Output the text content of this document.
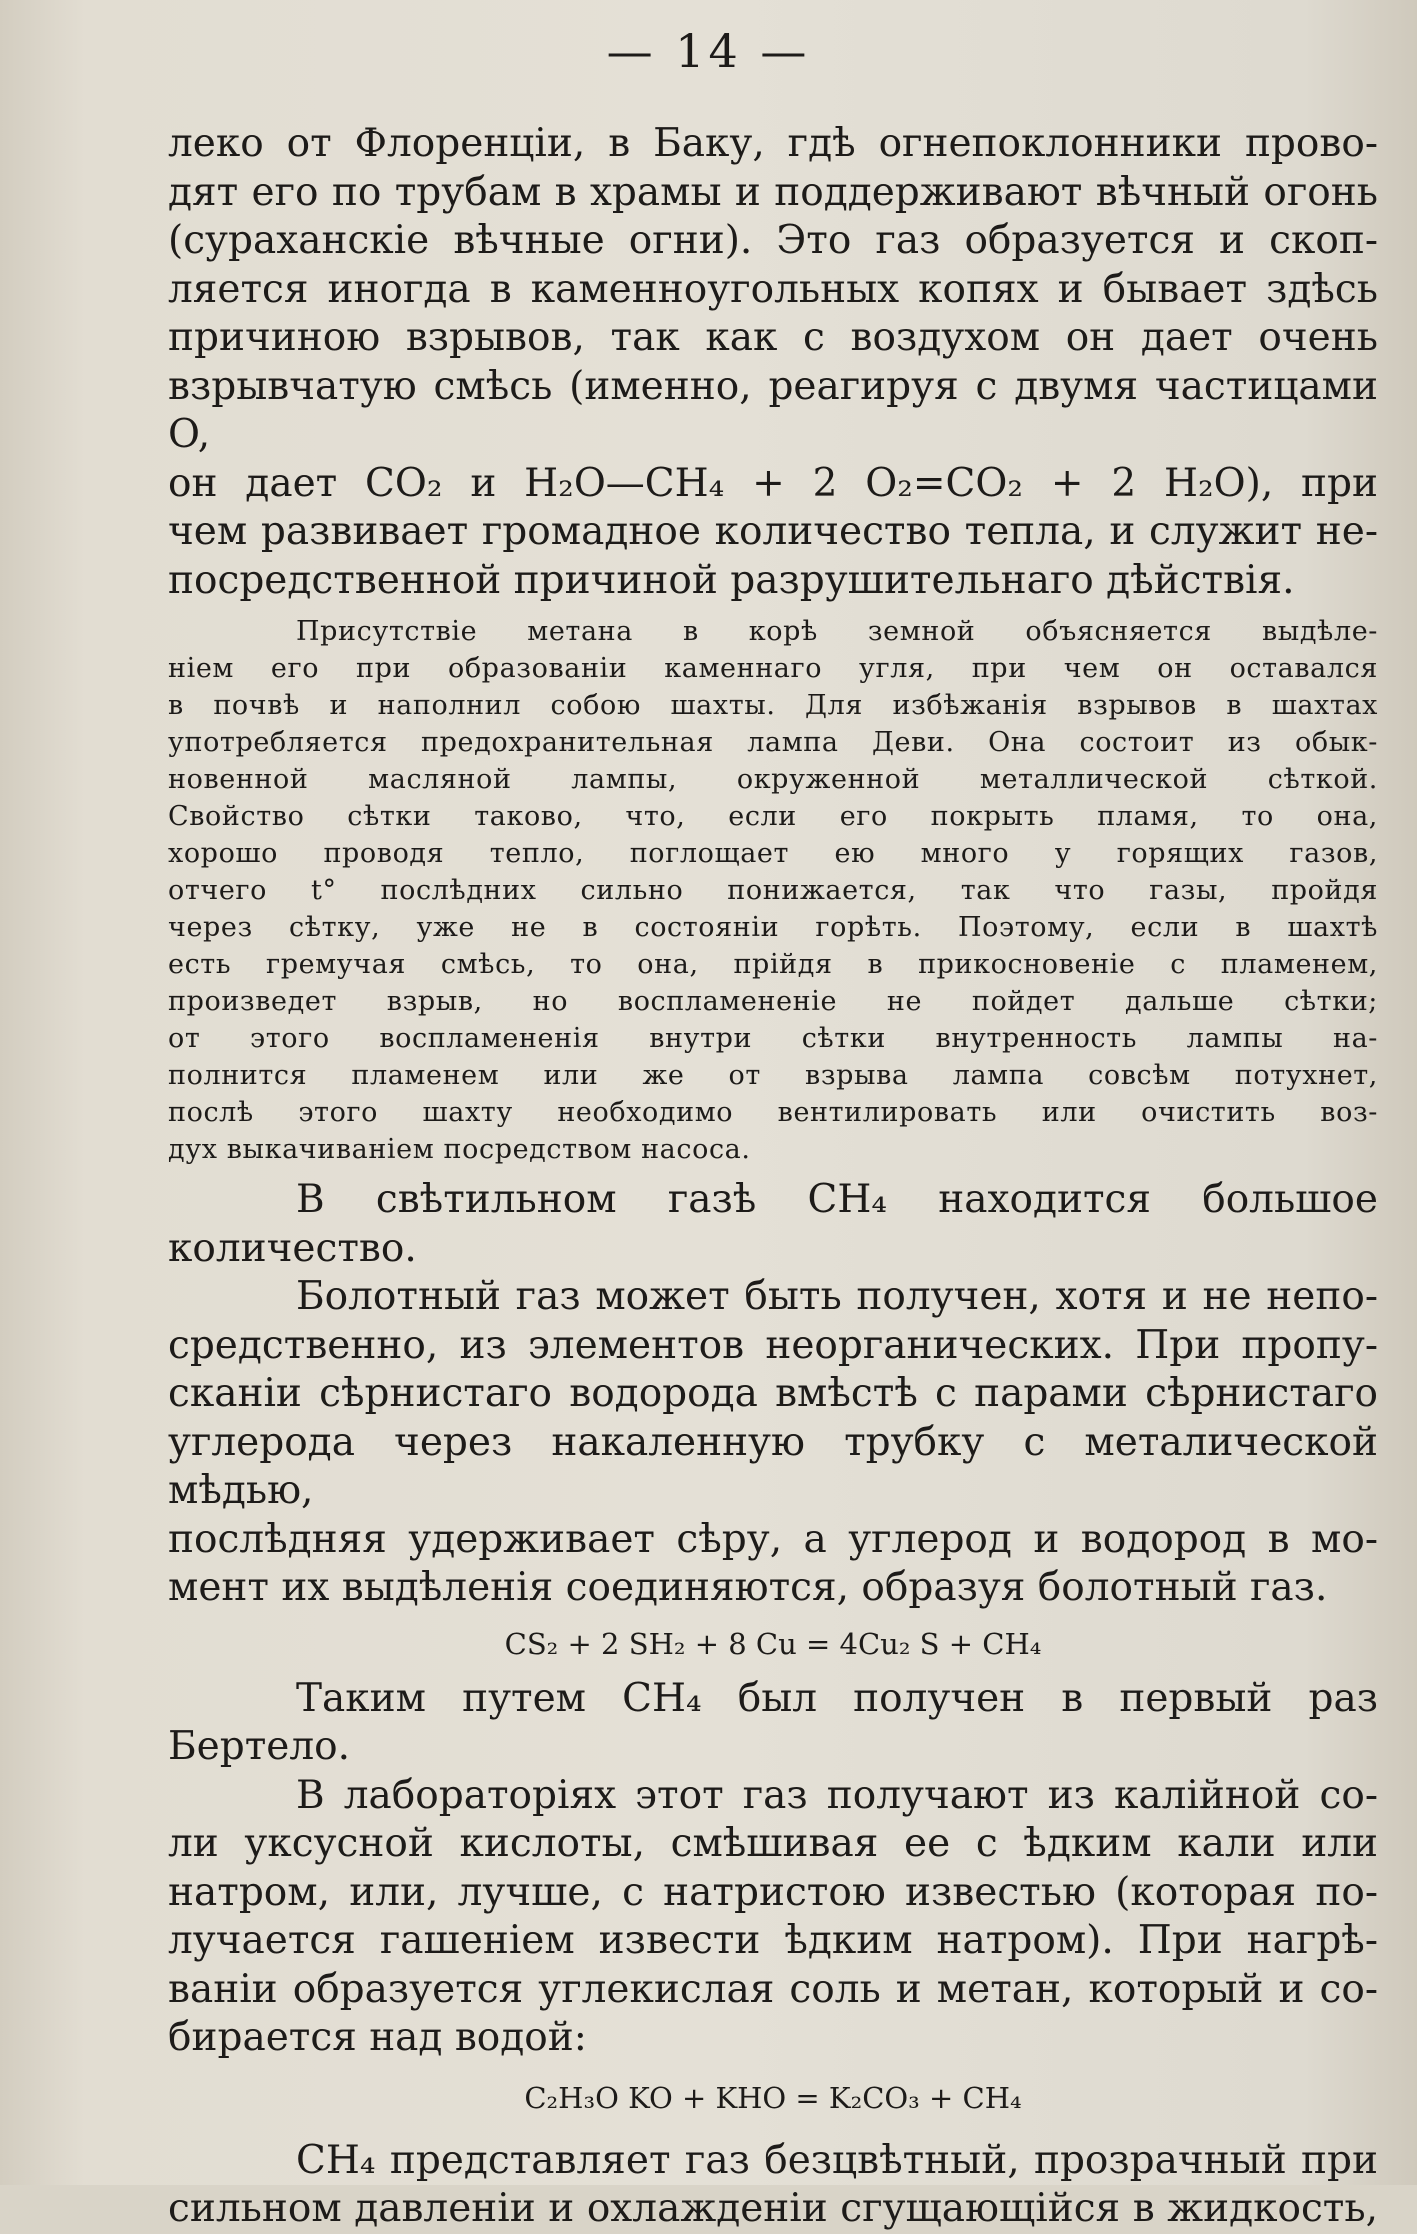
— 14 —

леко от Флоренціи, в Баку, гдѣ огнепоклонники прово-

дят его по трубам в храмы и поддерживают вѣчный огонь

(сураханскіе вѣчные огни). Это газ образуется и скоп-

ляется иногда в каменноугольных копях и бывает здѣсь

причиною взрывов, так как с воздухом он дает очень

взрывчатую смѣсь (именно, реагируя с двумя частицами O,

он дает CO₂ и H₂O—CH₄ + 2 O₂=CO₂ + 2 H₂O), при

чем развивает громадное количество тепла, и служит не-

посредственной причиной разрушительнаго дѣйствія.

Присутствіе метана в корѣ земной объясняется выдѣле-

ніем его при образованіи каменнаго угля, при чем он оставался

в почвѣ и наполнил собою шахты. Для избѣжанія взрывов в шахтах

употребляется предохранительная лампа Деви. Она состоит из обык-

новенной масляной лампы, окруженной металлической сѣткой.

Свойство сѣтки таково, что, если его покрыть пламя, то она,

хорошо проводя тепло, поглощает ею много у горящих газов,

отчего t° послѣдних сильно понижается, так что газы, пройдя

через сѣтку, уже не в состояніи горѣть. Поэтому, если в шахтѣ

есть гремучая смѣсь, то она, прійдя в прикосновеніе с пламенем,

произведет взрыв, но воспламененіе не пойдет дальше сѣтки;

от этого воспламененія внутри сѣтки внутренность лампы на-

полнится пламенем или же от взрыва лампа совсѣм потухнет,

послѣ этого шахту необходимо вентилировать или очистить воз-

дух выкачиваніем посредством насоса.

В свѣтильном газѣ CH₄ находится большое количество.

Болотный газ может быть получен, хотя и не непо-

средственно, из элементов неорганических. При пропу-

сканіи сѣрнистаго водорода вмѣстѣ с парами сѣрнистаго

углерода через накаленную трубку с металической мѣдью,

послѣдняя удерживает сѣру, а углерод и водород в мо-

мент их выдѣленія соединяются, образуя болотный газ.

CS₂ + 2 SH₂ + 8 Cu = 4Cu₂ S + CH₄

Таким путем CH₄ был получен в первый раз Бертело.

В лабораторіях этот газ получают из калійной со-

ли уксусной кислоты, смѣшивая ее с ѣдким кали или

натром, или, лучше, с натристою известью (которая по-

лучается гашеніем извести ѣдким натром). При нагрѣ-

ваніи образуется углекислая соль и метан, который и со-

бирается над водой:

C₂H₃O KO + KHO = K₂CO₃ + CH₄

CH₄ представляет газ безцвѣтный, прозрачный при

сильном давленіи и охлажденіи сгущающійся в жидкость,
